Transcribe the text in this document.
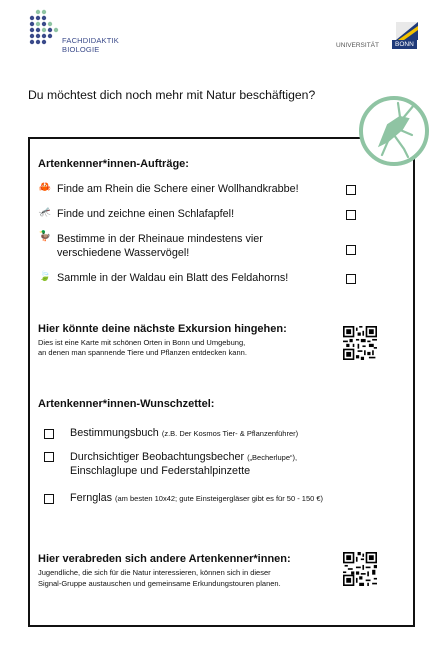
FACHDIDAKTIK
BIOLOGIE	UNIVERSITÄT	BONN
Du möchtest dich noch mehr mit Natur beschäftigen?
Artenkenner*innen-Aufträge:
🦀 Finde am Rhein die Schere einer Wollhandkrabbe!
🦟 Finde und zeichne einen Schlafapfel!
🦆 Bestimme in der Rheinaue mindestens vier
verschiedene Wasservögel!
🍃 Sammle in der Waldau ein Blatt des Feldahorns!
Hier könnte deine nächste Exkursion hingehen:
Dies ist eine Karte mit schönen Orten in Bonn und Umgebung,
an denen man spannende Tiere und Pflanzen entdecken kann.
Artenkenner*innen-Wunschzettel:
Bestimmungsbuch (z.B. Der Kosmos Tier- & Pflanzenführer)
Durchsichtiger Beobachtungsbecher („Becherlupe“),
Einschlaglupe und Federstahlpinzette
Fernglas (am besten 10x42; gute Einsteigergläser gibt es für 50 - 150 €)
Hier verabreden sich andere Artenkenner*innen:
Jugendliche, die sich für die Natur interessieren, können sich in dieser
Signal-Gruppe austauschen und gemeinsame Erkundungstouren planen.
